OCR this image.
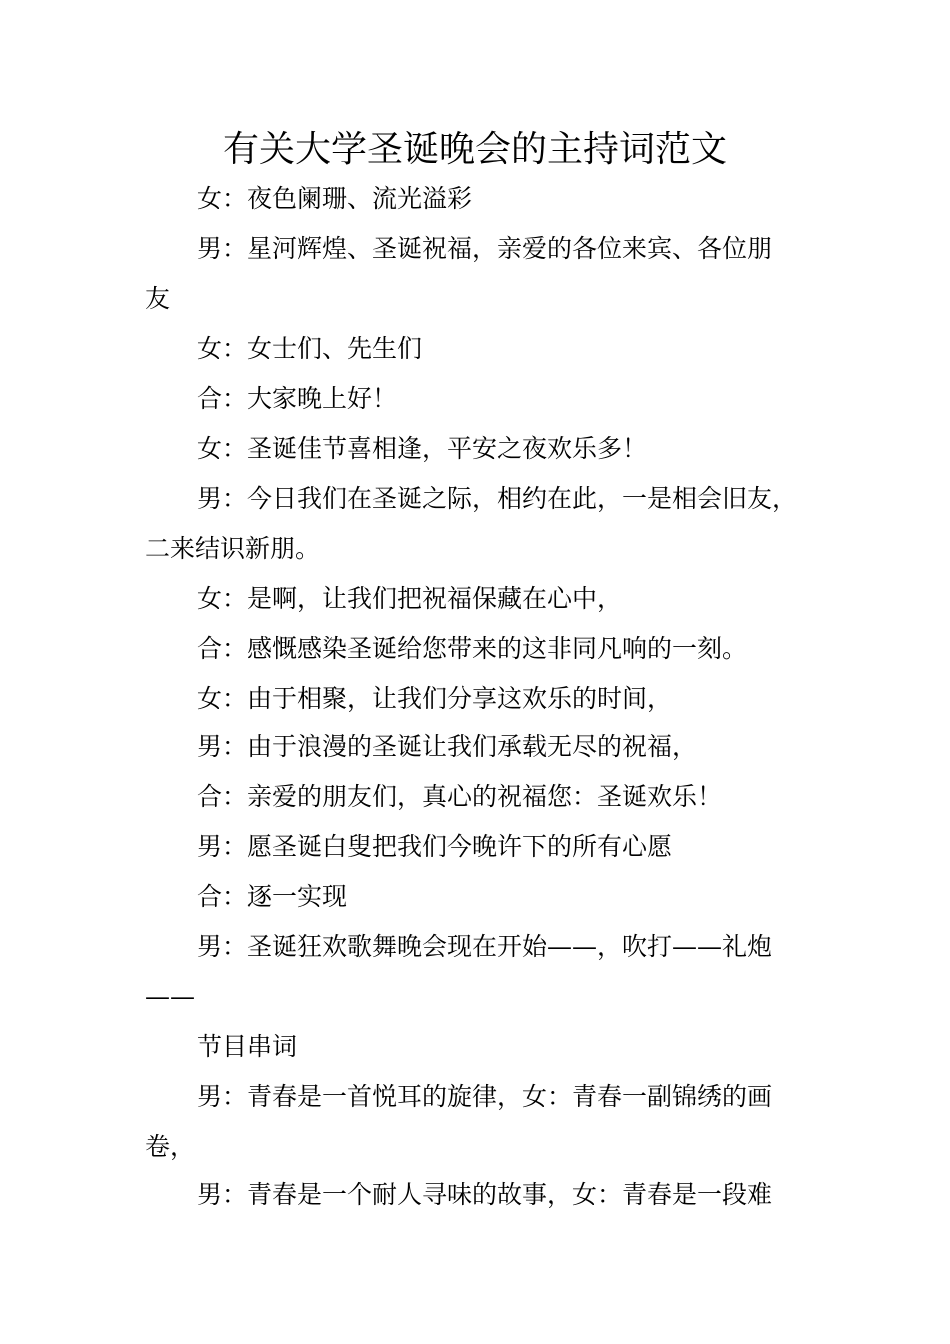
有关大学圣诞晚会的主持词范文

女：夜色阑珊、流光溢彩

男：星河辉煌、圣诞祝福，亲爱的各位来宾、各位朋
友

女：女士们、先生们

合：大家晚上好！

女：圣诞佳节喜相逢，平安之夜欢乐多！

男：今日我们在圣诞之际，相约在此，一是相会旧友，
二来结识新朋。

女：是啊，让我们把祝福保藏在心中，

合：感慨感染圣诞给您带来的这非同凡响的一刻。

女：由于相聚，让我们分享这欢乐的时间，

男：由于浪漫的圣诞让我们承载无尽的祝福，

合：亲爱的朋友们，真心的祝福您：圣诞欢乐！

男：愿圣诞白叟把我们今晚许下的所有心愿

合：逐一实现

男：圣诞狂欢歌舞晚会现在开始——，吹打——礼炮
——

节目串词

男：青春是一首悦耳的旋律，女：青春一副锦绣的画
卷，

男：青春是一个耐人寻味的故事，女：青春是一段难
